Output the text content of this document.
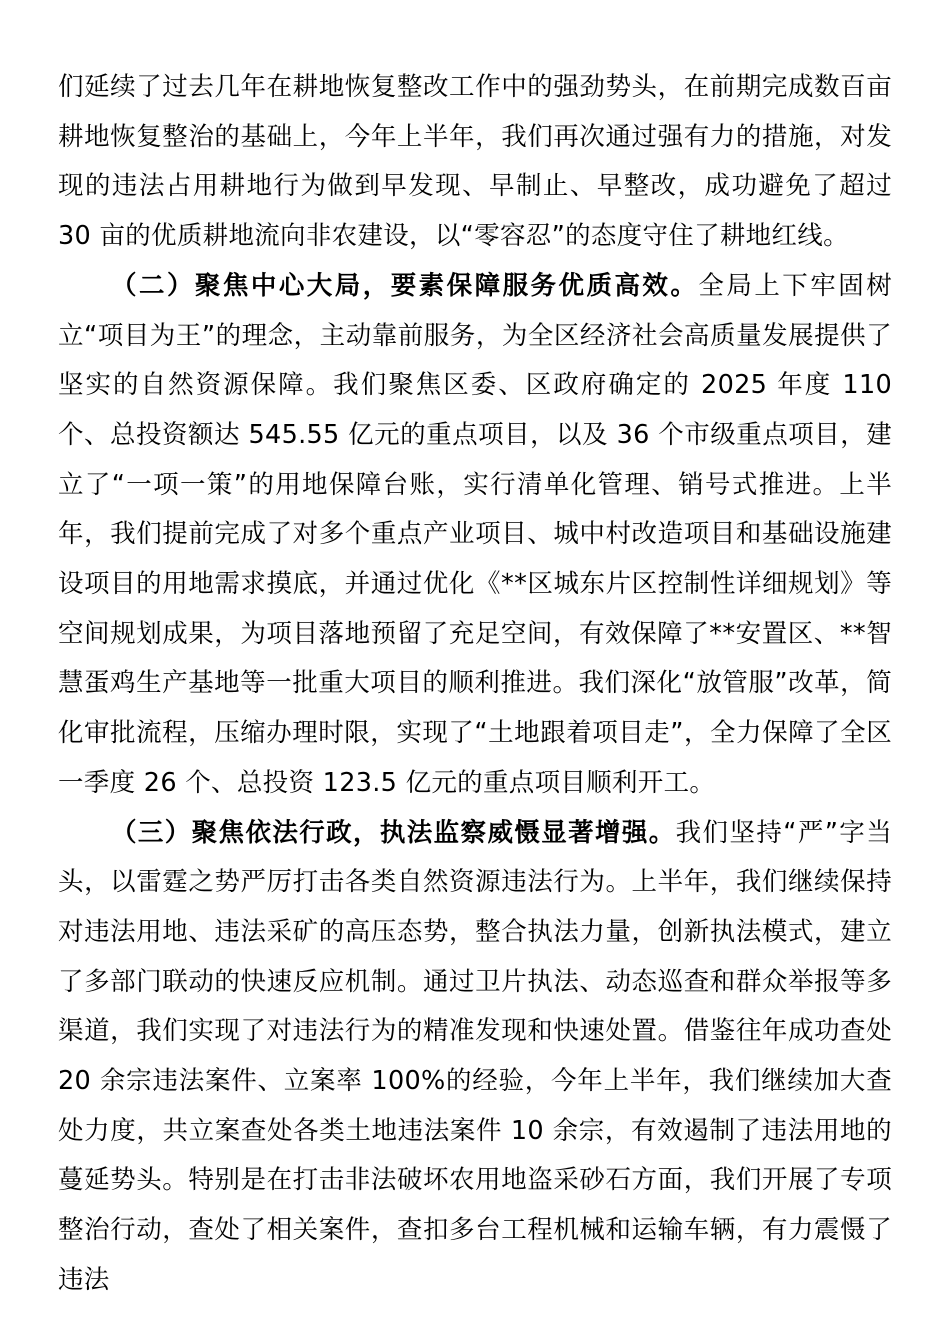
们延续了过去几年在耕地恢复整改工作中的强劲势头，在前期完成数百亩耕地恢复整治的基础上，今年上半年，我们再次通过强有力的措施，对发现的违法占用耕地行为做到早发现、早制止、早整改，成功避免了超过 30 亩的优质耕地流向非农建设，以“零容忍”的态度守住了耕地红线。

（二）聚焦中心大局，要素保障服务优质高效。全局上下牢固树立“项目为王”的理念，主动靠前服务，为全区经济社会高质量发展提供了坚实的自然资源保障。我们聚焦区委、区政府确定的 2025 年度 110 个、总投资额达 545.55 亿元的重点项目，以及 36 个市级重点项目，建立了“一项一策”的用地保障台账，实行清单化管理、销号式推进。上半年，我们提前完成了对多个重点产业项目、城中村改造项目和基础设施建设项目的用地需求摸底，并通过优化《**区城东片区控制性详细规划》等空间规划成果，为项目落地预留了充足空间，有效保障了**安置区、**智慧蛋鸡生产基地等一批重大项目的顺利推进。我们深化“放管服”改革，简化审批流程，压缩办理时限，实现了“土地跟着项目走”，全力保障了全区一季度 26 个、总投资 123.5 亿元的重点项目顺利开工。

（三）聚焦依法行政，执法监察威慑显著增强。我们坚持“严”字当头，以雷霆之势严厉打击各类自然资源违法行为。上半年，我们继续保持对违法用地、违法采矿的高压态势，整合执法力量，创新执法模式，建立了多部门联动的快速反应机制。通过卫片执法、动态巡查和群众举报等多渠道，我们实现了对违法行为的精准发现和快速处置。借鉴往年成功查处 20 余宗违法案件、立案率 100%的经验，今年上半年，我们继续加大查处力度，共立案查处各类土地违法案件 10 余宗，有效遏制了违法用地的蔓延势头。特别是在打击非法破坏农用地盗采砂石方面，我们开展了专项整治行动，查处了相关案件，查扣多台工程机械和运输车辆，有力震慑了违法
